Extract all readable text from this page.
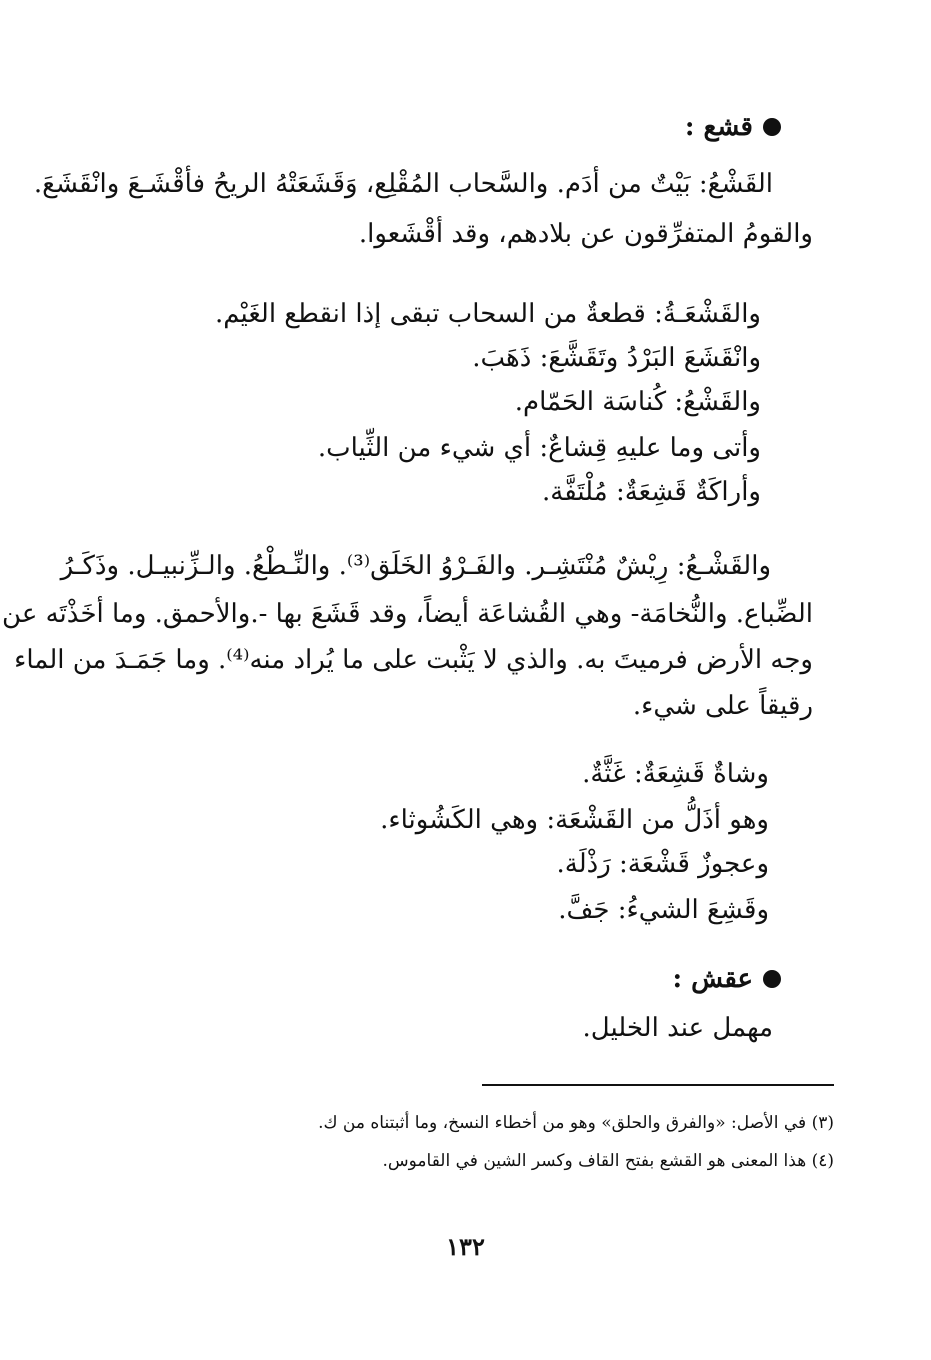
قشع :
القَشْعُ: بَيْتٌ من أدَم. والسَّحاب المُقْلِع، وَقَشَعَتْهُ الريحُ فأقْشَـعَ وانْقَشَعَ.
والقومُ المتفرِّقون عن بلادهم، وقد أقْشَعوا.
والقَشْعَـةُ: قطعةٌ من السحاب تبقى إذا انقطع الغَيْم.
وانْقَشَعَ البَرْدُ وتَقَشَّعَ: ذَهَبَ.
والقَشْعُ: كُناسَة الحَمّام.
وأتى وما عليهِ قِشاعٌ: أي شيء من الثِّياب.
وأراكَةٌ قَشِعَةٌ: مُلْتَفَّة.
والقَشْـعُ: رِيْشٌ مُنْتَشِـر. والفَـرْوُ الخَلَق⁽³⁾. والنِّـطْعُ. والـزِّنبيـل. وذَكَـرُ
الضِّباع. والنُّخامَة- وهي القُشاعَة أيضاً، وقد قَشَعَ بها -.والأحمق. وما أخَذْتَه عن
وجه الأرض فرميتَ به. والذي لا يَثْبت على ما يُراد منه⁽⁴⁾. وما جَمَـدَ من الماء
رقيقاً على شيء.
وشاةٌ قَشِعَةٌ: غَثَّةٌ.
وهو أذَلُّ من القَشْعَة: وهي الكَشُوثاء.
وعجوزٌ قَشْعَة: رَذْلَة.
وقَشِعَ الشيءُ: جَفَّ.
عقش :
مهمل عند الخليل.
(٣) في الأصل: «والفرق والحلق» وهو من أخطاء النسخ، وما أثبتناه من ك.
(٤) هذا المعنى هو القشع بفتح القاف وكسر الشين في القاموس.
١٣٢
